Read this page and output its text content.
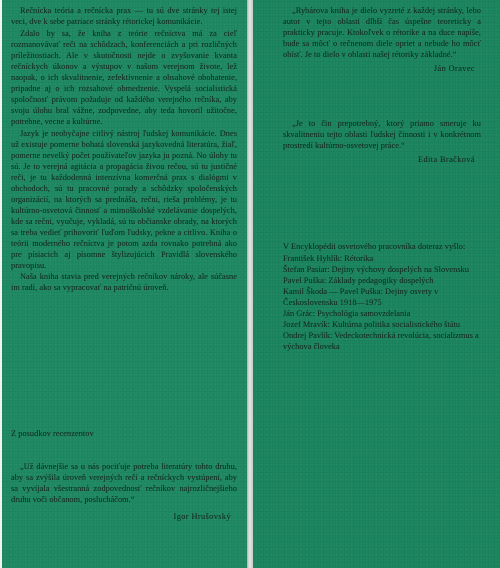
Rečnícka teória a rečnícka prax — tu sú dve stránky tej istej veci, dve k sebe patriace stránky rétorickej komunikácie.

Zdalo by sa, že kniha z teórie rečníctva má za cieľ rozmanovávať reči na schôdzach, konferenciách a pri rozličných príležitostiach. Ale v skutočnosti nejde o zvyšovanie kvanta rečníckych úkonov a výstupov v našom verejnom živote, lež naopak, o ich skvalitnenie, zefektívnenie a obsahové obohatenie, pripadne aj o ich rozsahové obmedzenie. Vyspelá socialistická spoločnosť právom požaduje od každého verejného rečníka, aby svoju úlohu bral vážne, zodpovedne, aby teda hovoril užitočne, potrebne, vecne a kultúrne.

Jazyk je neobyčajne citlivý nástroj ľudskej komunikácie. Dnes už existuje pomerne bohatá slovenská jazykovedná literatúra, žiaľ, pomerne nevelký počet používateľov jazyka ju pozná. No úlohy tu sú. Je to verejná agitácia a propagácia živou rečou, sú tu justičné reči, je tu každodenná intenzívna komerčná prax s dialógmi v obchodoch, sú tu pracovné porady a schôdzky spoločenských organizácií, na ktorých sa prednáša, rečni, rieša problémy, je tu kultúrno-osvetová činnosť a mimoškolské vzdelávanie dospelých, kde sa rečni, vyučuje, vykladá, sú tu občianske obrady, na ktorých sa treba vedieť prihovoriť ľuďom ľudsky, pekne a citlivo. Kniha o teórii moderného rečníctva je potom azda rovnako potrebná ako pre písiacich aj písomne štylizujúcich Pravidlá slovenského pravopisu.

Naša kniha stavia pred verejných rečníkov nároky, ale súčasne im radí, ako sa vypracovať na patričnú úroveň.

Z posudkov recenzentov

„Už dávnejšie sa u nás pociťuje potreba literatúry tohto druhu, aby sa zvýšila úroveň verejných rečí a rečníckych vystúpení, aby sa vyvíjala všestranná zodpovednosť rečníkov najrozličnejšieho druhu voči občanom, poslucháčom.“

Igor Hrušovský

„Rybárova kniha je dielo vyzreté z každej stránky, lebo autor v tejto oblasti dlhší čas úspešne teoreticky a prakticky pracuje. Ktokoľvek o rétorike a na duce napíše, bude sa môcť o rečnenom diele opriet a nebude ho môcť obísť. Je to dielo v oblasti našej rétoriky základné.“

Ján Oravec

„Je to čin prepotrebný, ktorý priamo smeruje ku skvalitneniu tejto oblasti ľudskej činnosti i v konkrétnom prostredí kultúrno-osvetovej práce.“

Edita Bračková

V Encyklopédii osvetového pracovníka doteraz vyšlo:

František Hyhlík: Rétorika

Štefan Pasiar: Dejiny výchovy dospelých na Slovensku

Pavel Puška: Základy pedagogiky dospelých

Kamil Škoda — Pavel Puška: Dejiny osvety v Československu 1918—1975

Ján Grác: Psychológia samovzdelania

Jozef Mravík: Kultúrna politika socialistického štátu

Ondrej Pavlík: Vedeckotechnická revolúcia, socializmus a výchova človeka
